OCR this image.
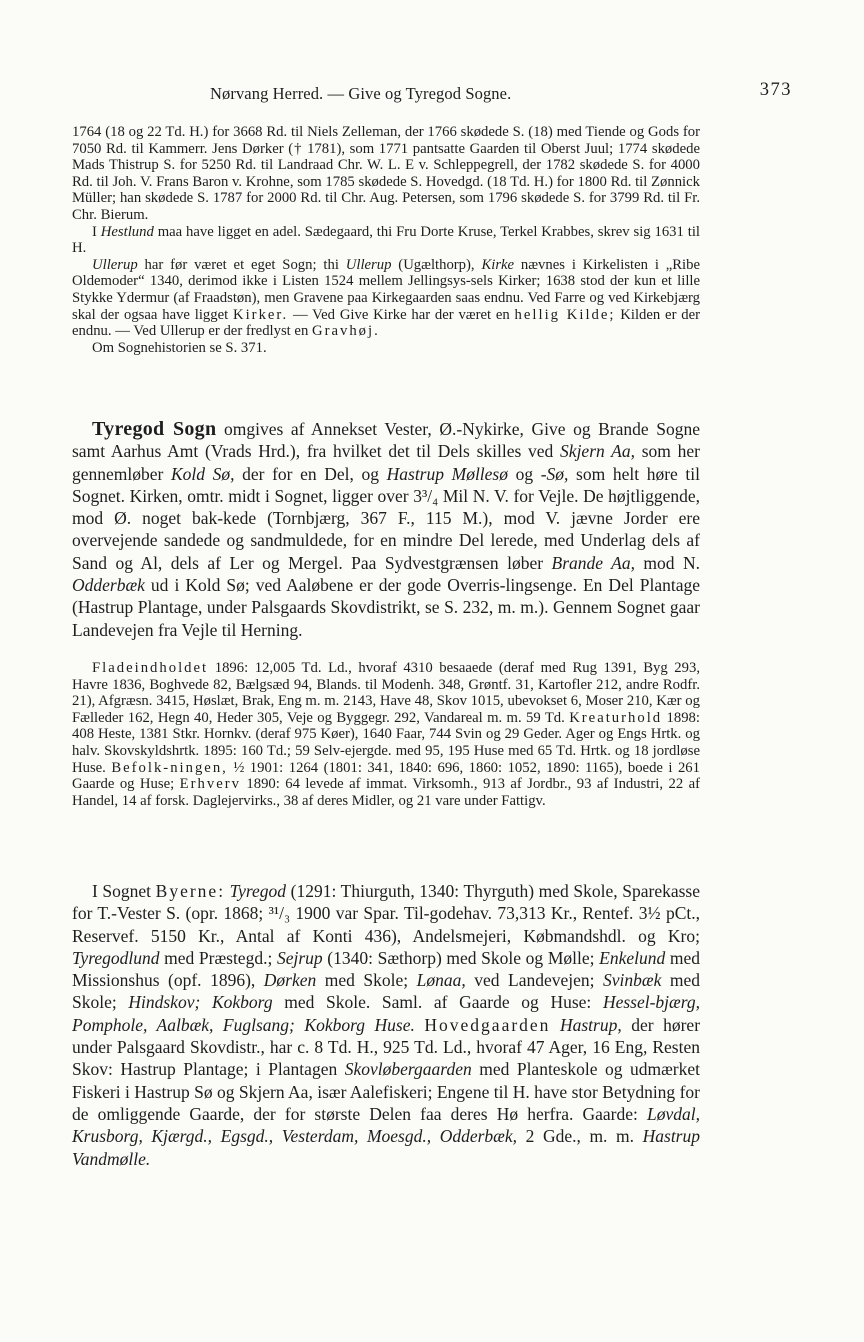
Nørvang Herred. — Give og Tyregod Sogne.	373

1764 (18 og 22 Td. H.) for 3668 Rd. til Niels Zelleman, der 1766 skødede S. (18) med Tiende og Gods for 7050 Rd. til Kammerr. Jens Dørker († 1781), som 1771 pantsatte Gaarden til Oberst Juul; 1774 skødede Mads Thistrup S. for 5250 Rd. til Landraad Chr. W. L. E v. Schleppegrell, der 1782 skødede S. for 4000 Rd. til Joh. V. Frans Baron v. Krohne, som 1785 skødede S. Hovedgd. (18 Td. H.) for 1800 Rd. til Zønnick Müller; han skødede S. 1787 for 2000 Rd. til Chr. Aug. Petersen, som 1796 skødede S. for 3799 Rd. til Fr. Chr. Bierum.

I Hestlund maa have ligget en adel. Sædegaard, thi Fru Dorte Kruse, Terkel Krabbes, skrev sig 1631 til H.

Ullerup har før været et eget Sogn; thi Ullerup (Ugælthorp), Kirke nævnes i Kirkelisten i „Ribe Oldemoder“ 1340, derimod ikke i Listen 1524 mellem Jellingsys-sels Kirker; 1638 stod der kun et lille Stykke Ydermur (af Fraadstøn), men Gravene paa Kirkegaarden saas endnu. Ved Farre og ved Kirkebjærg skal der ogsaa have ligget Kirker. — Ved Give Kirke har der været en hellig Kilde; Kilden er der endnu. — Ved Ullerup er der fredlyst en Gravhøj.

Om Sognehistorien se S. 371.

Tyregod Sogn omgives af Annekset Vester, Ø.-Nykirke, Give og Brande Sogne samt Aarhus Amt (Vrads Hrd.), fra hvilket det til Dels skilles ved Skjern Aa, som her gennemløber Kold Sø, der for en Del, og Hastrup Møllesø og -Sø, som helt høre til Sognet. Kirken, omtr. midt i Sognet, ligger over 3³/₄ Mil N. V. for Vejle. De højtliggende, mod Ø. noget bak-kede (Tornbjærg, 367 F., 115 M.), mod V. jævne Jorder ere overvejende sandede og sandmuldede, for en mindre Del lerede, med Underlag dels af Sand og Al, dels af Ler og Mergel. Paa Sydvestgrænsen løber Brande Aa, mod N. Odderbæk ud i Kold Sø; ved Aaløbene er der gode Overris-lingsenge. En Del Plantage (Hastrup Plantage, under Palsgaards Skovdistrikt, se S. 232, m. m.). Gennem Sognet gaar Landevejen fra Vejle til Herning.

Fladeindholdet 1896: 12,005 Td. Ld., hvoraf 4310 besaaede (deraf med Rug 1391, Byg 293, Havre 1836, Boghvede 82, Bælgsæd 94, Blands. til Modenh. 348, Grøntf. 31, Kartofler 212, andre Rodfr. 21), Afgræsn. 3415, Høslæt, Brak, Eng m. m. 2143, Have 48, Skov 1015, ubevokset 6, Moser 210, Kær og Fælleder 162, Hegn 40, Heder 305, Veje og Byggegr. 292, Vandareal m. m. 59 Td. Kreaturhold 1898: 408 Heste, 1381 Stkr. Hornkv. (deraf 975 Køer), 1640 Faar, 744 Svin og 29 Geder. Ager og Engs Hrtk. og halv. Skovskyldshrtk. 1895: 160 Td.; 59 Selv-ejergde. med 95, 195 Huse med 65 Td. Hrtk. og 18 jordløse Huse. Befolk-ningen, ½ 1901: 1264 (1801: 341, 1840: 696, 1860: 1052, 1890: 1165), boede i 261 Gaarde og Huse; Erhverv 1890: 64 levede af immat. Virksomh., 913 af Jordbr., 93 af Industri, 22 af Handel, 14 af forsk. Daglejervirks., 38 af deres Midler, og 21 vare under Fattigv.

I Sognet Byerne: Tyregod (1291: Thiurguth, 1340: Thyrguth) med Skole, Sparekasse for T.-Vester S. (opr. 1868; ³¹/₃ 1900 var Spar. Til-godehav. 73,313 Kr., Rentef. 3½ pCt., Reservef. 5150 Kr., Antal af Konti 436), Andelsmejeri, Købmandshdl. og Kro; Tyregodlund med Præstegd.; Sejrup (1340: Sæthorp) med Skole og Mølle; Enkelund med Missionshus (opf. 1896), Dørken med Skole; Lønaa, ved Landevejen; Svinbæk med Skole; Hindskov; Kokborg med Skole. Saml. af Gaarde og Huse: Hessel-bjærg, Pomphole, Aalbæk, Fuglsang; Kokborg Huse. Hovedgaarden Hastrup, der hører under Palsgaard Skovdistr., har c. 8 Td. H., 925 Td. Ld., hvoraf 47 Ager, 16 Eng, Resten Skov: Hastrup Plantage; i Plantagen Skovløbergaarden med Planteskole og udmærket Fiskeri i Hastrup Sø og Skjern Aa, især Aalefiskeri; Engene til H. have stor Betydning for de omliggende Gaarde, der for største Delen faa deres Hø herfra. Gaarde: Løvdal, Krusborg, Kjærgd., Egsgd., Vesterdam, Moesgd., Odderbæk, 2 Gde., m. m. Hastrup Vandmølle.
